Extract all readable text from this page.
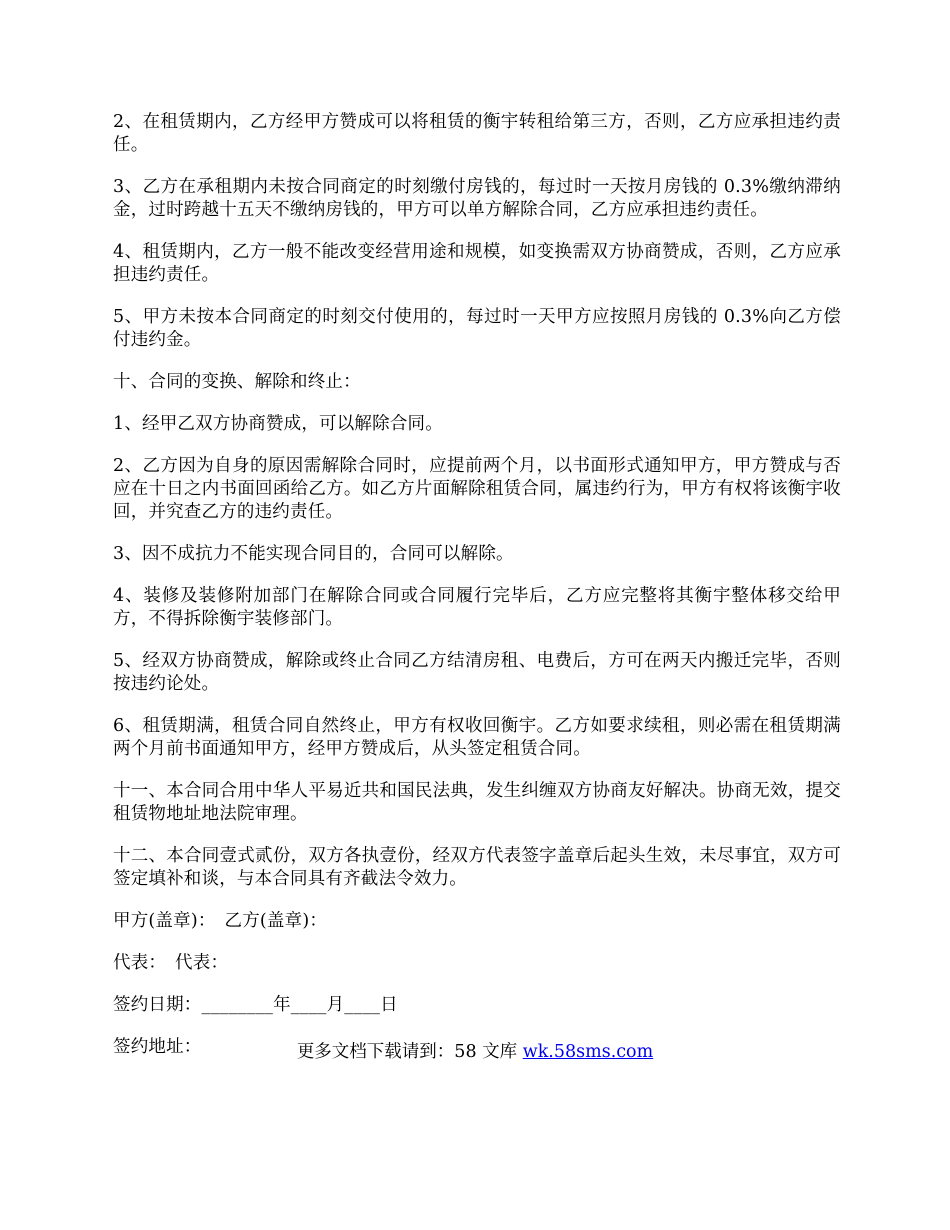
2、在租赁期内，乙方经甲方赞成可以将租赁的衡宇转租给第三方，否则，乙方应承担违约责任。

3、乙方在承租期内未按合同商定的时刻缴付房钱的，每过时一天按月房钱的 0.3%缴纳滞纳金，过时跨越十五天不缴纳房钱的，甲方可以单方解除合同，乙方应承担违约责任。

4、租赁期内，乙方一般不能改变经营用途和规模，如变换需双方协商赞成，否则，乙方应承担违约责任。

5、甲方未按本合同商定的时刻交付使用的，每过时一天甲方应按照月房钱的 0.3%向乙方偿付违约金。

十、合同的变换、解除和终止：

1、经甲乙双方协商赞成，可以解除合同。

2、乙方因为自身的原因需解除合同时，应提前两个月，以书面形式通知甲方，甲方赞成与否应在十日之内书面回函给乙方。如乙方片面解除租赁合同，属违约行为，甲方有权将该衡宇收回，并究查乙方的违约责任。

3、因不成抗力不能实现合同目的，合同可以解除。

4、装修及装修附加部门在解除合同或合同履行完毕后，乙方应完整将其衡宇整体移交给甲方，不得拆除衡宇装修部门。

5、经双方协商赞成，解除或终止合同乙方结清房租、电费后，方可在两天内搬迁完毕，否则按违约论处。

6、租赁期满，租赁合同自然终止，甲方有权收回衡宇。乙方如要求续租，则必需在租赁期满两个月前书面通知甲方，经甲方赞成后，从头签定租赁合同。

十一、本合同合用中华人平易近共和国民法典，发生纠缠双方协商友好解决。协商无效，提交租赁物地址地法院审理。

十二、本合同壹式贰份，双方各执壹份，经双方代表签字盖章后起头生效，未尽事宜，双方可签定填补和谈，与本合同具有齐截法令效力。

甲方(盖章)：　乙方(盖章)：

代表：　代表：

签约日期：________年____月____日

签约地址：	更多文档下载请到：58 文库 wk.58sms.com
